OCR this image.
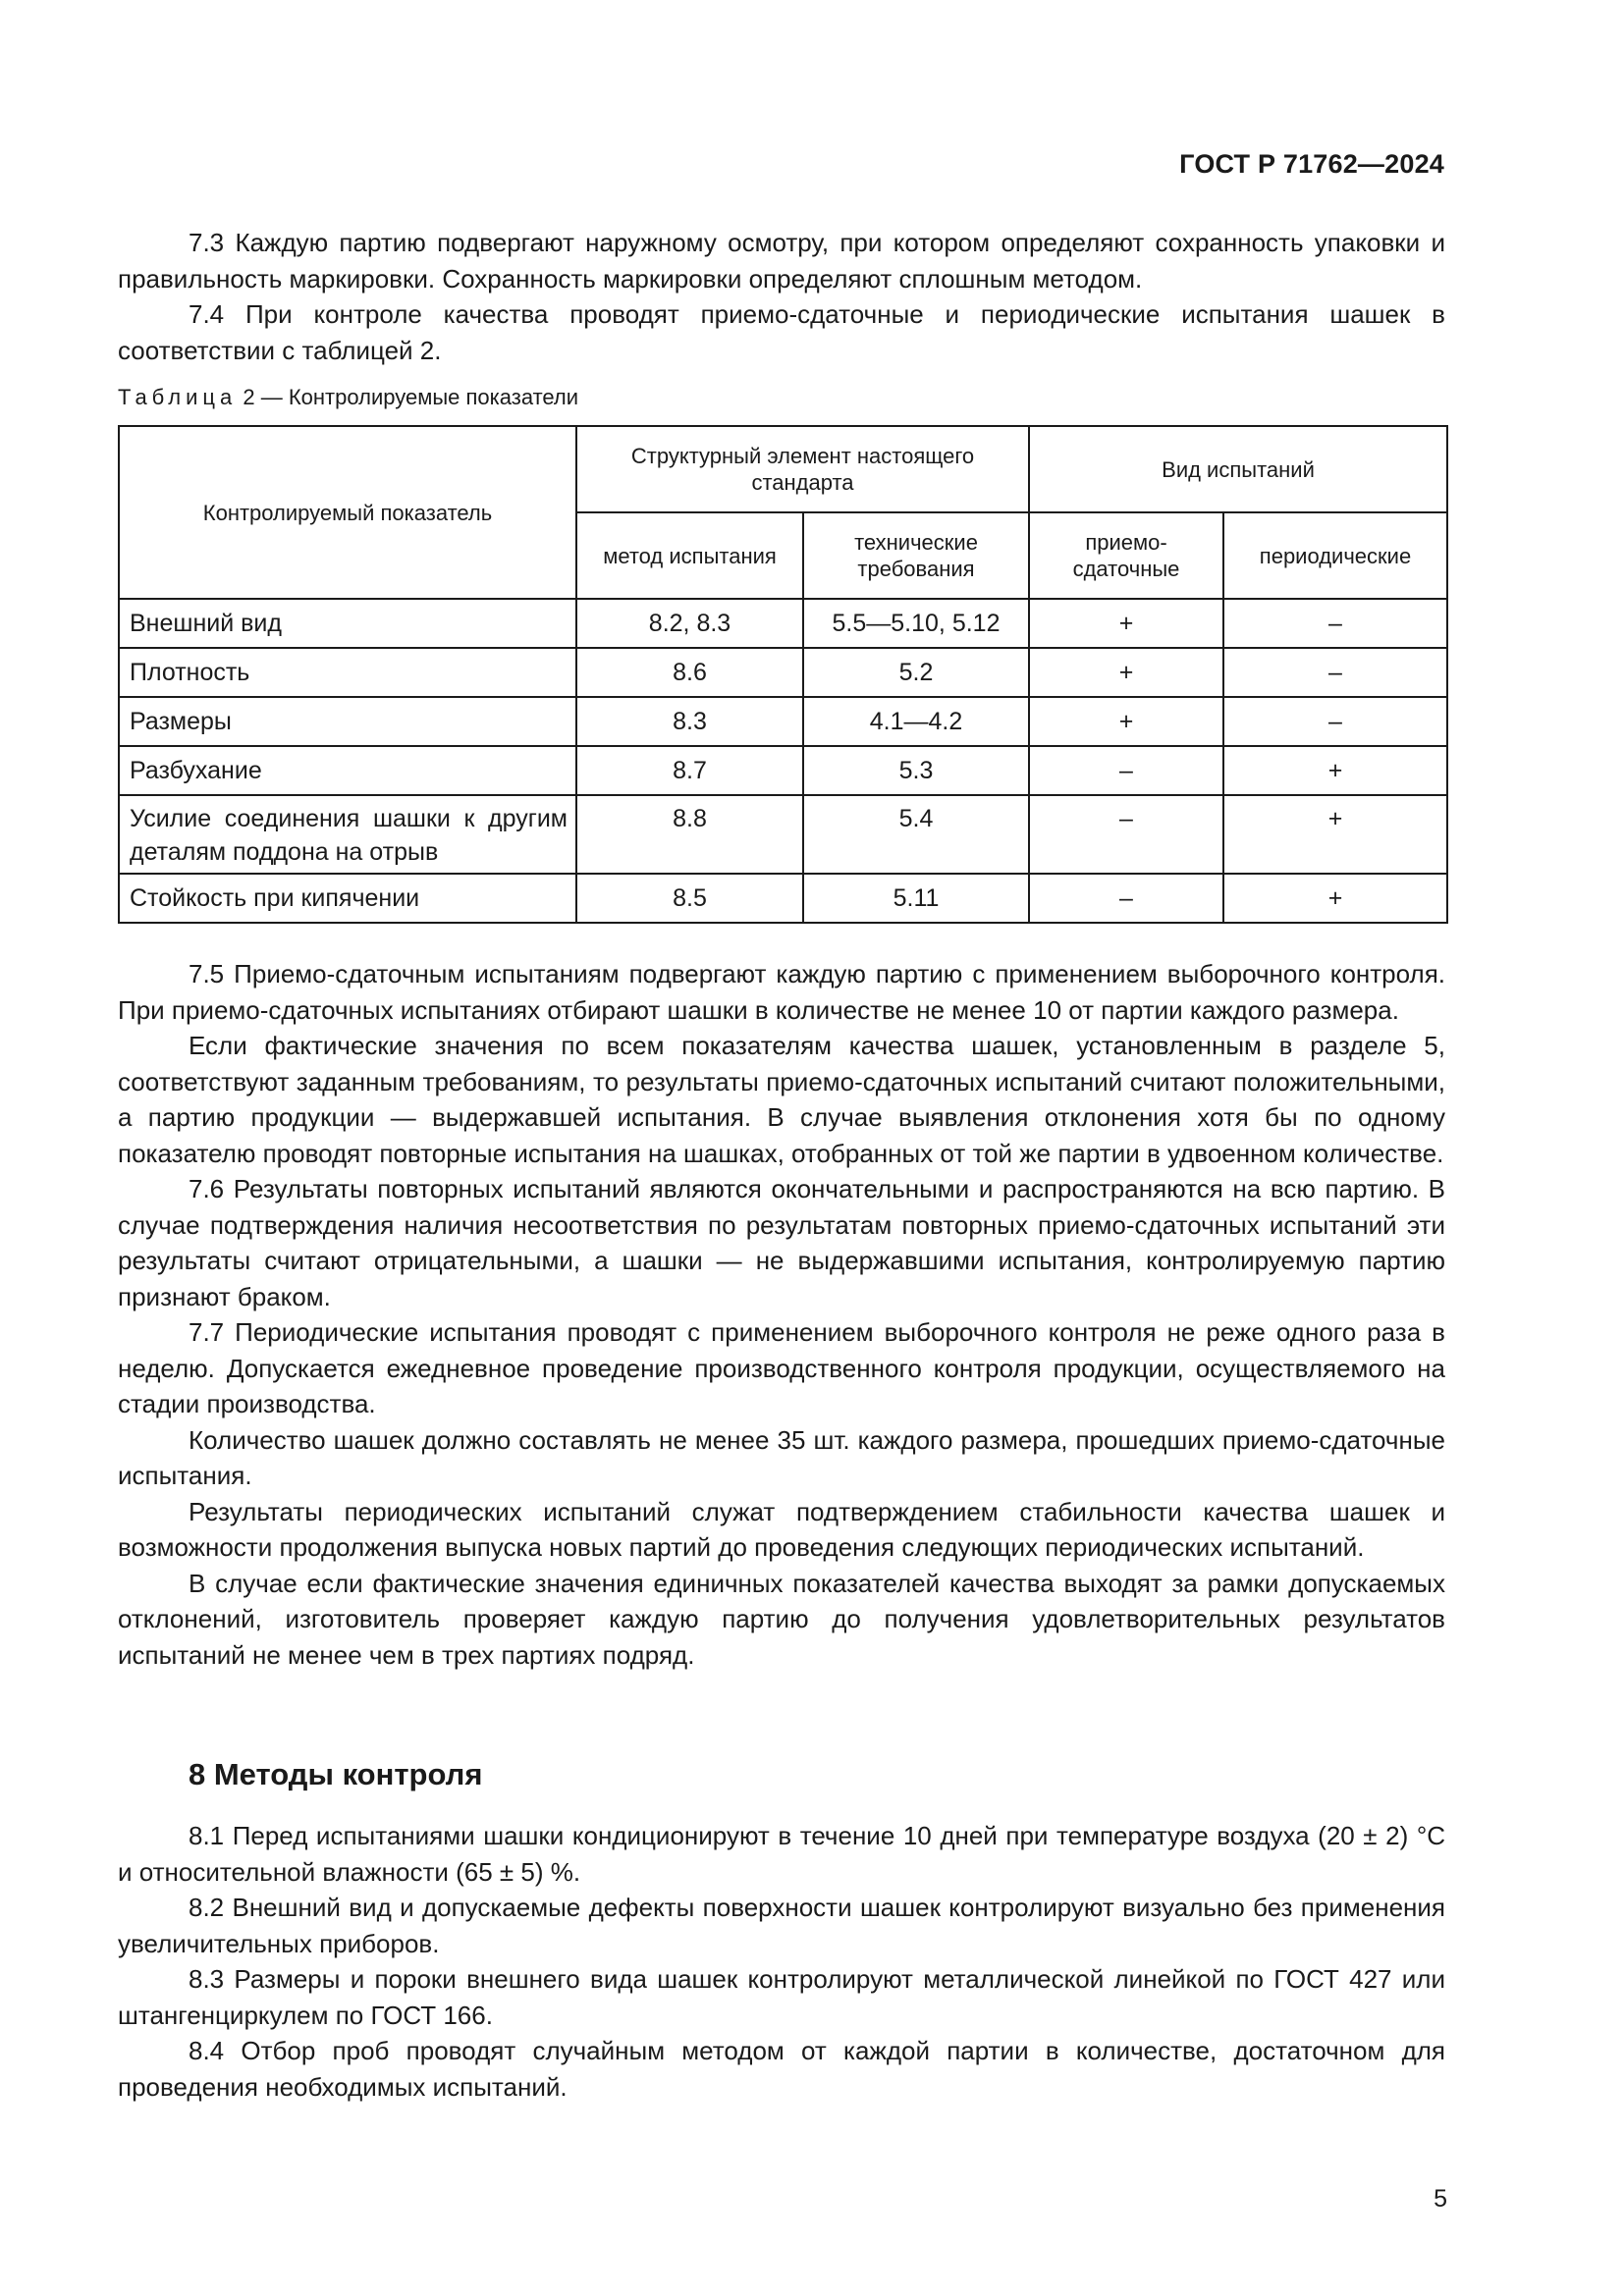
ГОСТ Р 71762—2024

7.3 Каждую партию подвергают наружному осмотру, при котором определяют сохранность упаковки и правильность маркировки. Сохранность маркировки определяют сплошным методом.

7.4 При контроле качества проводят приемо-сдаточные и периодические испытания шашек в соответствии с таблицей 2.

Таблица 2 — Контролируемые показатели
Контролируемый показатель	Структурный элемент настоящего стандарта		Вид испытаний	
	метод испытания	технические требования	приемо-сдаточные	периодические
Внешний вид	8.2, 8.3	5.5—5.10, 5.12	+	–
Плотность	8.6	5.2	+	–
Размеры	8.3	4.1—4.2	+	–
Разбухание	8.7	5.3	–	+
Усилие соединения шашки к другим деталям поддона на отрыв	8.8	5.4	–	+
Стойкость при кипячении	8.5	5.11	–	+

7.5 Приемо-сдаточным испытаниям подвергают каждую партию с применением выборочного контроля. При приемо-сдаточных испытаниях отбирают шашки в количестве не менее 10 от партии каждого размера.

Если фактические значения по всем показателям качества шашек, установленным в разделе 5, соответствуют заданным требованиям, то результаты приемо-сдаточных испытаний считают положительными, а партию продукции — выдержавшей испытания. В случае выявления отклонения хотя бы по одному показателю проводят повторные испытания на шашках, отобранных от той же партии в удвоенном количестве.

7.6 Результаты повторных испытаний являются окончательными и распространяются на всю партию. В случае подтверждения наличия несоответствия по результатам повторных приемо-сдаточных испытаний эти результаты считают отрицательными, а шашки — не выдержавшими испытания, контролируемую партию признают браком.

7.7 Периодические испытания проводят с применением выборочного контроля не реже одного раза в неделю. Допускается ежедневное проведение производственного контроля продукции, осуществляемого на стадии производства.

Количество шашек должно составлять не менее 35 шт. каждого размера, прошедших приемо-сдаточные испытания.

Результаты периодических испытаний служат подтверждением стабильности качества шашек и возможности продолжения выпуска новых партий до проведения следующих периодических испытаний.

В случае если фактические значения единичных показателей качества выходят за рамки допускаемых отклонений, изготовитель проверяет каждую партию до получения удовлетворительных результатов испытаний не менее чем в трех партиях подряд.

8 Методы контроля

8.1 Перед испытаниями шашки кондиционируют в течение 10 дней при температуре воздуха (20 ± 2) °С и относительной влажности (65 ± 5) %.

8.2 Внешний вид и допускаемые дефекты поверхности шашек контролируют визуально без применения увеличительных приборов.

8.3 Размеры и пороки внешнего вида шашек контролируют металлической линейкой по ГОСТ 427 или штангенциркулем по ГОСТ 166.

8.4 Отбор проб проводят случайным методом от каждой партии в количестве, достаточном для проведения необходимых испытаний.

5
